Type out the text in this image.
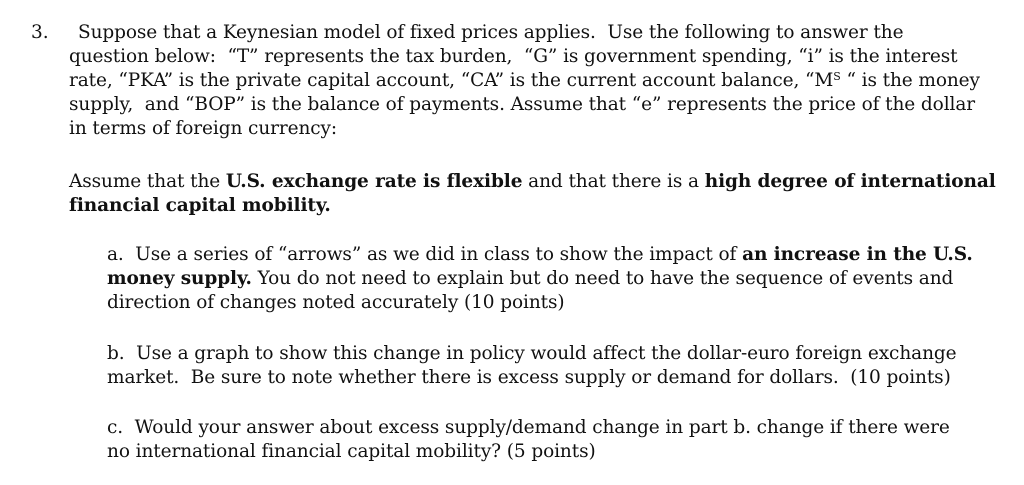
3.	Suppose that a Keynesian model of fixed prices applies.  Use the following to answer the
question below:  “T” represents the tax burden,  “G” is government spending, “i” is the interest
rate, “PKA” is the private capital account, “CA” is the current account balance, “$M^S$ “ is the money
supply,  and “BOP” is the balance of payments. Assume that “e” represents the price of the dollar
in terms of foreign currency:
Assume that the U.S. exchange rate is flexible and that there is a high degree of international
financial capital mobility.
a.  Use a series of “arrows” as we did in class to show the impact of an increase in the U.S.
money supply. You do not need to explain but do need to have the sequence of events and
direction of changes noted accurately (10 points)
b.  Use a graph to show this change in policy would affect the dollar-euro foreign exchange
market.  Be sure to note whether there is excess supply or demand for dollars.  (10 points)
c.  Would your answer about excess supply/demand change in part b. change if there were
no international financial capital mobility? (5 points)
